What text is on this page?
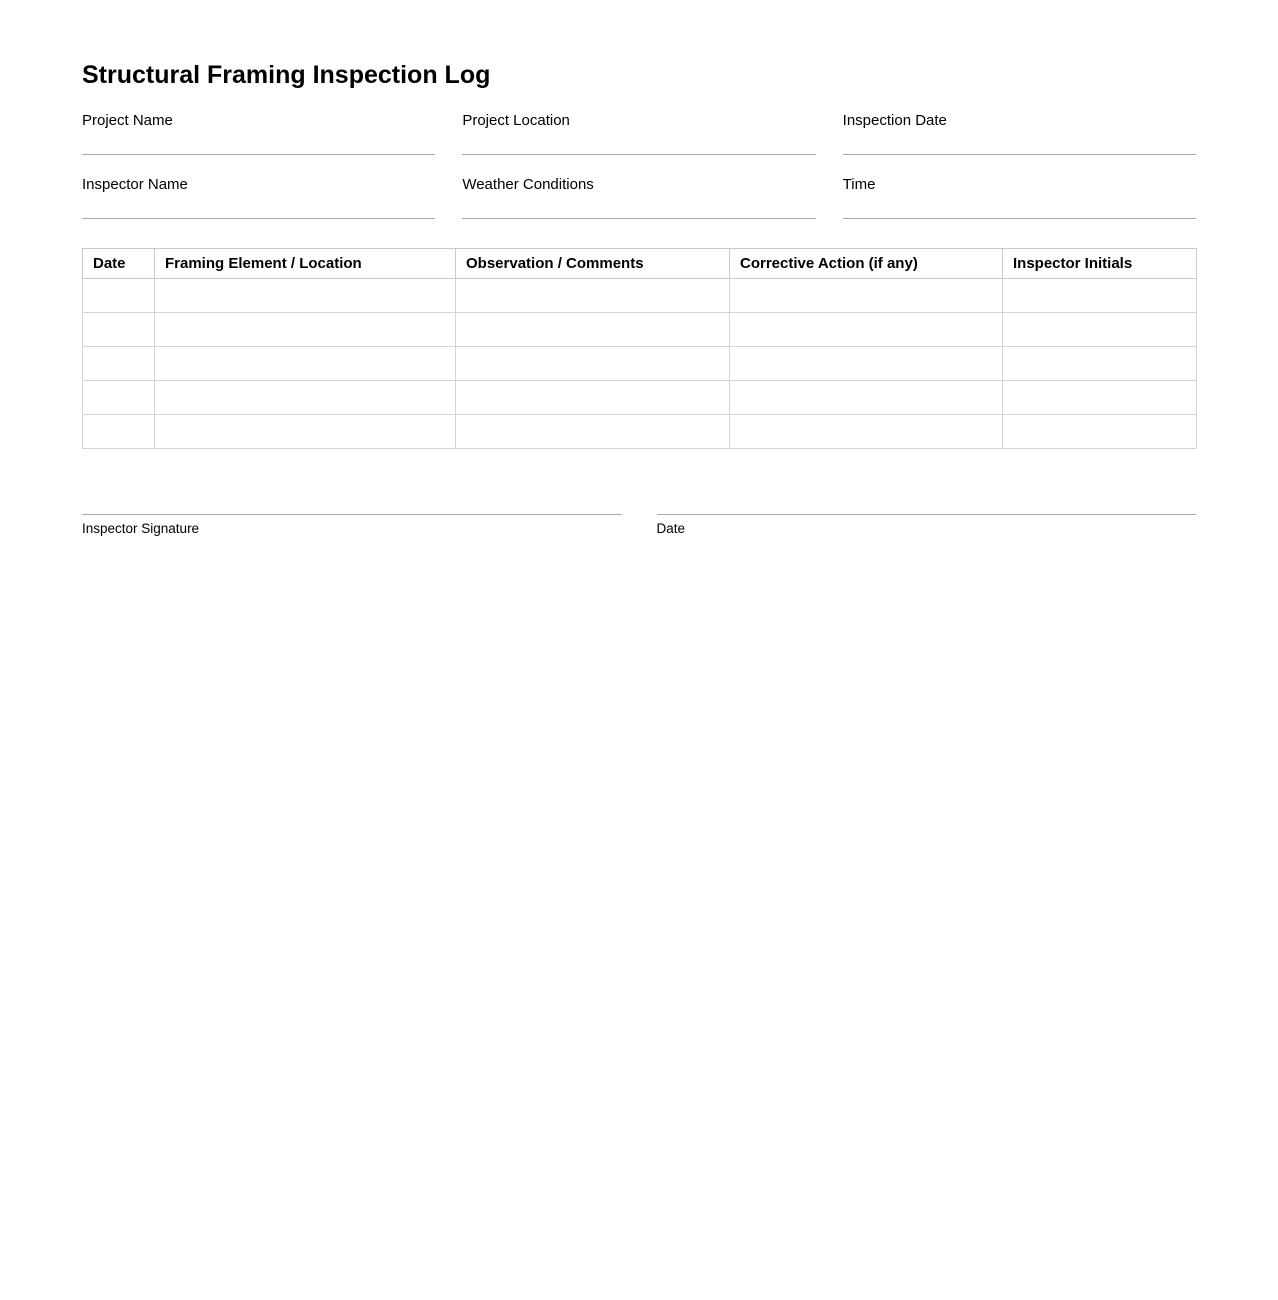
Structural Framing Inspection Log
Project Name	Project Location	Inspection Date
Inspector Name	Weather Conditions	Time
Date	Framing Element / Location	Observation / Comments	Corrective Action (if any)	Inspector Initials

Inspector Signature	Date
